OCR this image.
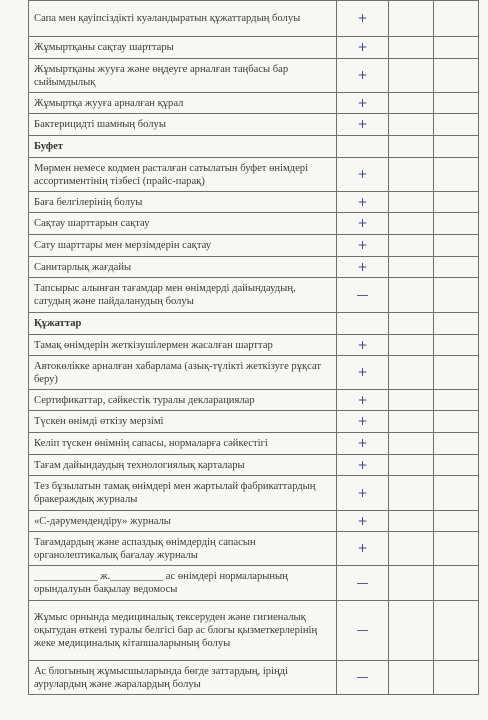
Сапа мен қауіпсіздікті куәландыратын құжаттардың болуы	+		
Жұмыртқаны сақтау шарттары	+		
Жұмыртқаны жууға және өңдеуге арналған таңбасы бар сыйымдылық	+		
Жұмыртқа жууға арналған құрал	+		
Бактерицидті шамның болуы	+		
Буфет			
Мөрмен немесе кодмен расталған сатылатын буфет өнімдері ассортиментінің тізбесі (прайс-парақ)	+		
Баға белгілерінің болуы	+		
Сақтау шарттарын сақтау	+		
Сату шарттары мен мерзімдерін сақтау	+		
Санитарлық жағдайы	+		
Тапсырыс алынған тағамдар мен өнімдерді дайындаудың, сатудың және пайдаланудың болуы	—		
Құжаттар			
Тамақ өнімдерін жеткізушілермен жасалған шарттар	+		
Автокөлікке арналған хабарлама (азық-түлікті жеткізуге рұқсат беру)	+		
Сертификаттар, сәйкестік туралы декларациялар	+		
Түскен өнімді өткізу мерзімі	+		
Келіп түскен өнімнің сапасы, нормаларға сәйкестігі	+		
Тағам дайындаудың технологиялық карталары	+		
Тез бұзылатын тамақ өнімдері мен жартылай фабрикаттардың бракераждық журналы	+		
«С-дәрумендендіру» журналы	+		
Тағамдардың және аспаздық өнімдердің сапасын органолептикалық бағалау журналы	+		
____________ ж.__________ ас өнімдері нормаларының орындалуын бақылау ведомосы	—		
Жұмыс орнында медициналық тексеруден және гигиеналық оқытудан өткені туралы белгісі бар ас блогы қызметкерлерінің жеке медициналық кітапшаларының болуы	—		
Ас блогының жұмысшыларында бөгде заттардың, іріңді аурулардың және жаралардың болуы	—		
